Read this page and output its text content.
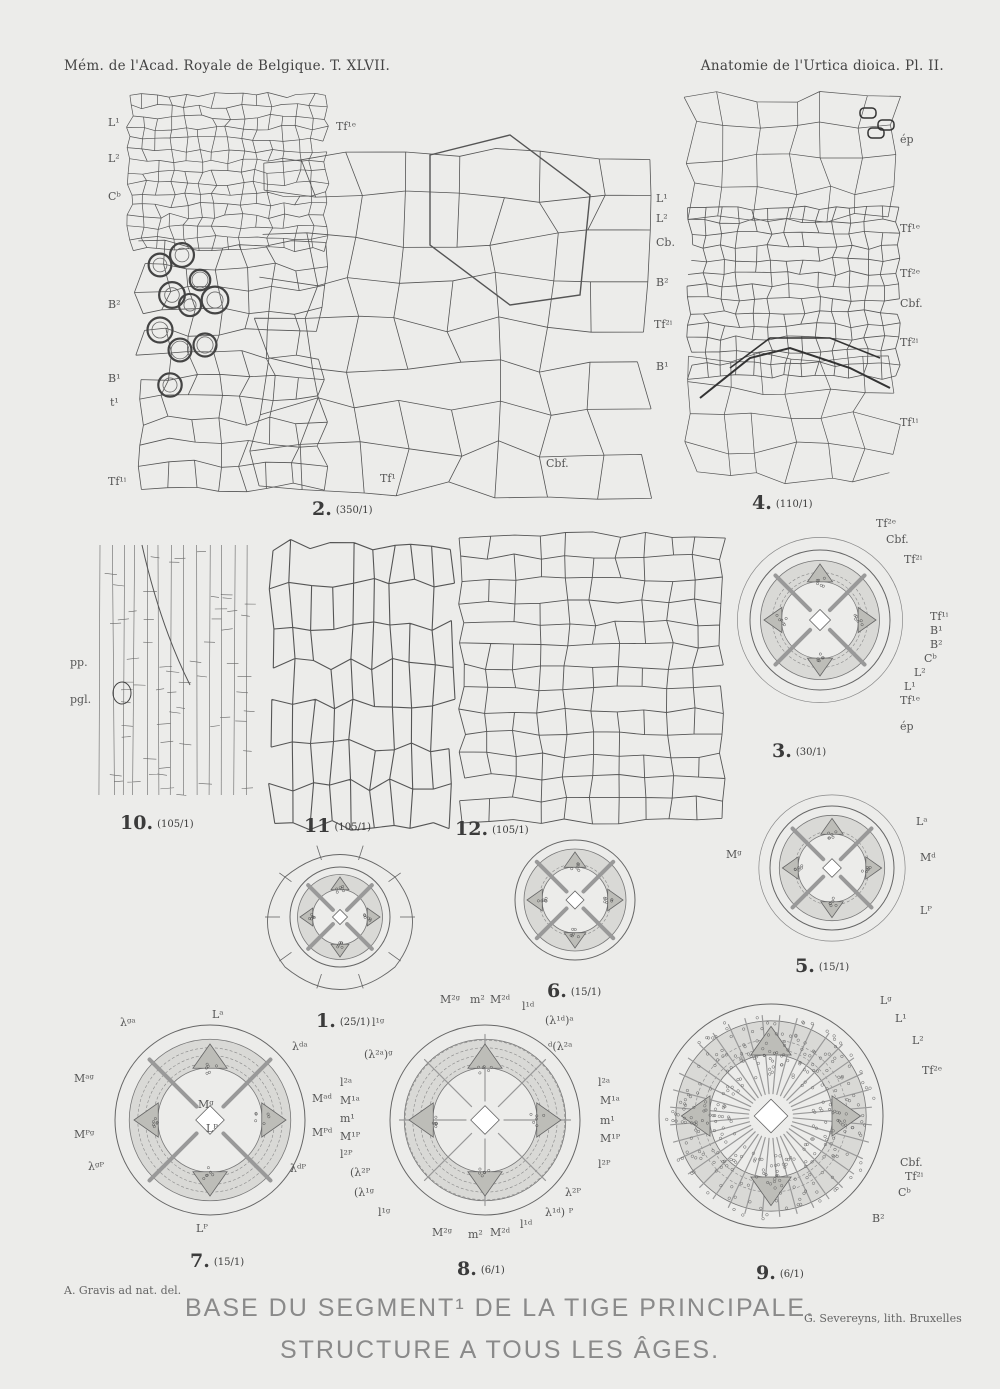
Mém. de l'Acad. Royale de Belgique. T. XLVII.	Anatomie de l'Urtica dioica. Pl. II.
L¹
L²
Cᵇ
B²
B¹
t¹
Tf¹ⁱ
Tf¹ᵉ
Tf¹
Cbf.
2. (350/1)
ép
L¹
L²
Cb.
B²
Tf²ⁱ
B¹
Tf¹ᵉ
Tf²ᵉ
Cbf.
Tf²ⁱ
Tf¹ⁱ
4. (110/1)
pp.
pgl.
10. (105/1)	11 (105/1)	12. (105/1)
Tf²ᵉ
Cbf.
Tf²ⁱ
Tf¹ⁱ
B¹
B²
Cᵇ
L²
L¹
Tf¹ᵉ
ép
3. (30/1)
1. (25/1)
6. (15/1)
Lᵃ
Mᵍ	Mᵈ
Lᴾ
5. (15/1)
Lᵃ
λᵍᵃ
λᵈᵃ
Mᵃᵍ
Mᴾᵍ
λᵍᴾ
Mᵃᵈ
Mᴾᵈ
λᵈᴾ
Mᵍ
Lᴾ
Lᴾ
7. (15/1)
M²ᵍ m² M²ᵈ
l¹ᵈ
(λ¹ᵈ)ᵃ
l¹ᵍ
(λ²ᵃ)ᵍ
ᵈ(λ²ᵃ
l²ᵃ
M¹ᵃ
m¹
M¹ᴾ
l²ᴾ
l²ᵃ
M¹ᵃ
m¹
M¹ᴾ
l²ᴾ
(λ²ᴾ
(λ¹ᵍ	λ²ᴾ
λ¹ᵈ) ᴾ
l¹ᵍ
M²ᵍ m² M²ᵈ
l¹ᵈ
8. (6/1)
Lᵍ
L¹
L²
Tf²ᵉ
Cbf.
Tf²ⁱ
Cᵇ
B²
9. (6/1)
A. Gravis ad nat. del.
G. Severeyns, lith. Bruxelles
BASE DU SEGMENT¹ DE LA TIGE PRINCIPALE.
STRUCTURE A TOUS LES ÂGES.
